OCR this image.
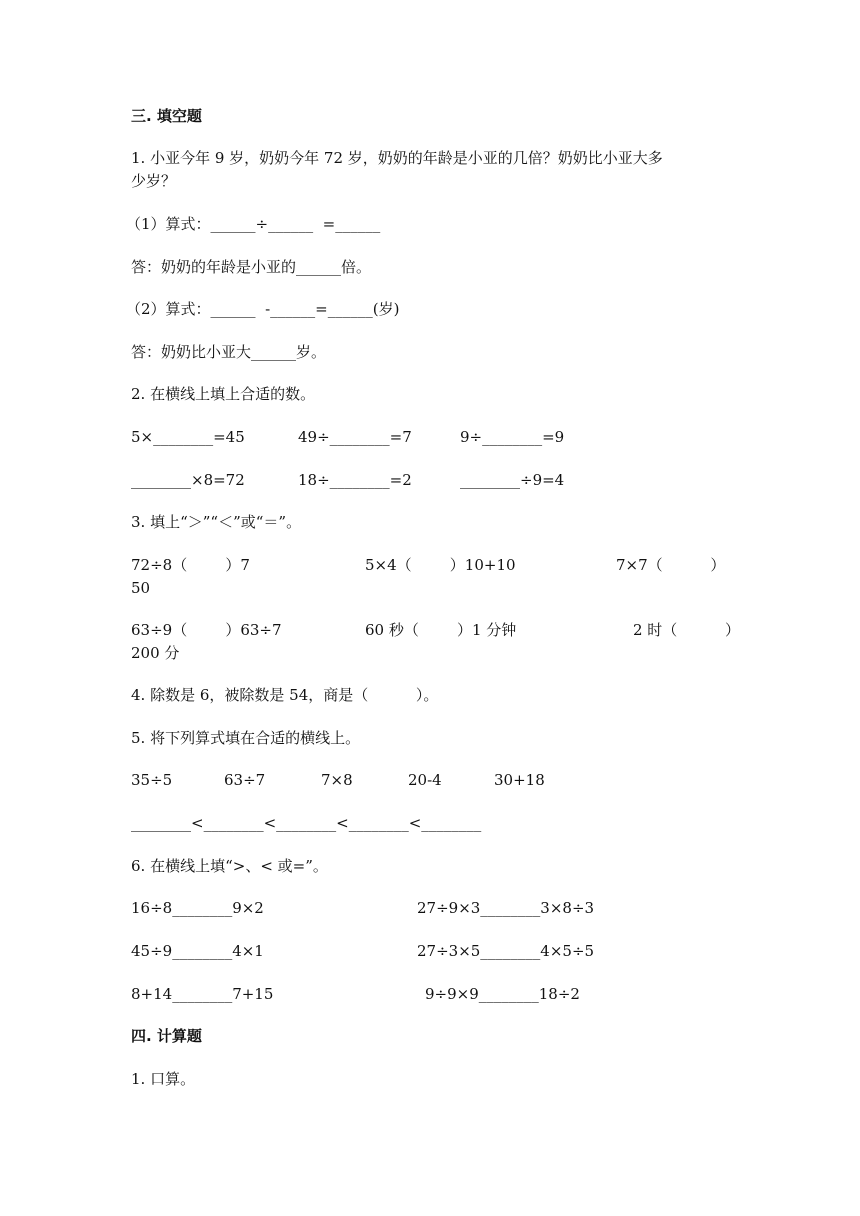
三. 填空题
1. 小亚今年 9 岁，奶奶今年 72 岁，奶奶的年龄是小亚的几倍？奶奶比小亚大多
少岁？
（1）算式：______÷______  =______
答：奶奶的年龄是小亚的______倍。
（2）算式：______  -______=______(岁)
答：奶奶比小亚大______岁。
2. 在横线上填上合适的数。
5×________=45	49÷________=7	9÷________=9
________×8=72	18÷________=2	________÷9=4
3. 填上“＞”“＜”或“＝”。
72÷8（        ）7	5×4（        ）10+10	7×7（          ）
50
63÷9（        ）63÷7	60 秒（        ）1 分钟	2 时（          ）
200 分
4. 除数是 6，被除数是 54，商是（          ）。
5. 将下列算式填在合适的横线上。
35÷5	63÷7	7×8	20-4	30+18
________<________<________<________<________
6. 在横线上填“>、< 或=”。
16÷8________9×2	27÷9×3________3×8÷3
45÷9________4×1	27÷3×5________4×5÷5
8+14________7+15	9÷9×9________18÷2
四. 计算题
1. 口算。
